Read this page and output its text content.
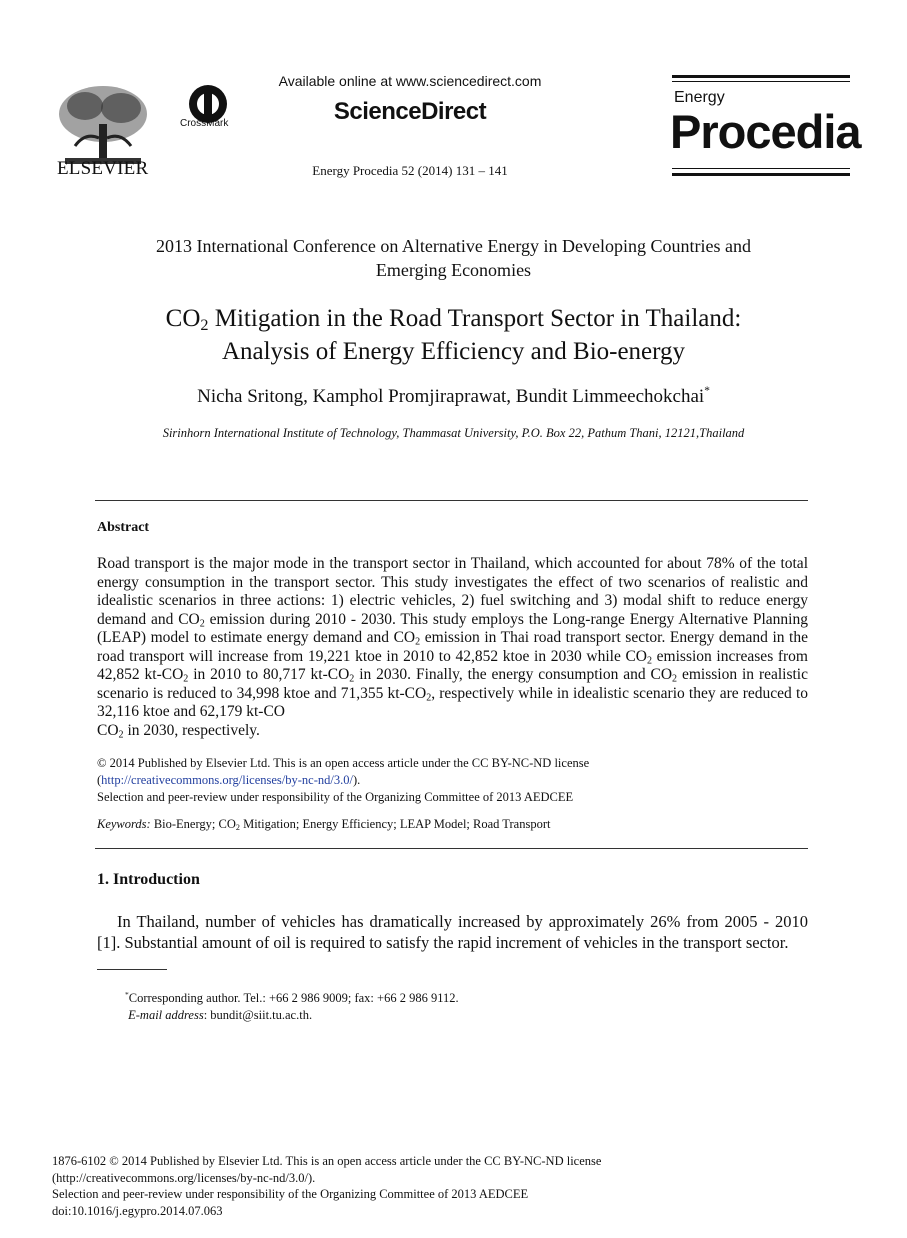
ELSEVIER
CrossMark
Available online at www.sciencedirect.com
ScienceDirect
Energy Procedia 52 (2014) 131 – 141
Energy
Procedia
2013 International Conference on Alternative Energy in Developing Countries and
Emerging Economies
$CO_2$ Mitigation in the Road Transport Sector in Thailand:
Analysis of Energy Efficiency and Bio-energy
Nicha Sritong, Kamphol Promjiraprawat, Bundit Limmeechokchai*
Sirinhorn International Institute of Technology, Thammasat University, P.O. Box 22, Pathum Thani, 12121,Thailand
Abstract
Road transport is the major mode in the transport sector in Thailand, which accounted for about 78% of the total energy consumption in the transport sector. This study investigates the effect of two scenarios of realistic and idealistic scenarios in three actions: 1) electric vehicles, 2) fuel switching and 3) modal shift to reduce energy demand and $CO_2$ emission during 2010 - 2030. This study employs the Long-range Energy Alternative Planning (LEAP) model to estimate energy demand and $CO_2$ emission in Thai road transport sector. Energy demand in the road transport will increase from 19,221 ktoe in 2010 to 42,852 ktoe in 2030 while $CO_2$ emission increases from 42,852 $kt-CO_2$ in 2010 to 80,717 $kt-CO_2$ in 2030. Finally, the energy consumption and $CO_2$ emission in realistic scenario is reduced to 34,998 ktoe and 71,355 $kt-CO_2$, respectively while in idealistic scenario they are reduced to 32,116 ktoe and 62,179 kt-CO
$CO_2$ in 2030, respectively.
© 2014 Published by Elsevier Ltd. This is an open access article under the CC BY-NC-ND license
(http://creativecommons.org/licenses/by-nc-nd/3.0/).
Selection and peer-review under responsibility of the Organizing Committee of 2013 AEDCEE
Keywords: Bio-Energy; $CO_2$ Mitigation; Energy Efficiency; LEAP Model; Road Transport
1. Introduction
In Thailand, number of vehicles has dramatically increased by approximately 26% from 2005 - 2010 [1]. Substantial amount of oil is required to satisfy the rapid increment of vehicles in the transport sector.
*Corresponding author. Tel.: +66 2 986 9009; fax: +66 2 986 9112.
E-mail address: bundit@siit.tu.ac.th.
1876-6102 © 2014 Published by Elsevier Ltd. This is an open access article under the CC BY-NC-ND license
(http://creativecommons.org/licenses/by-nc-nd/3.0/).
Selection and peer-review under responsibility of the Organizing Committee of 2013 AEDCEE
doi:10.1016/j.egypro.2014.07.063
